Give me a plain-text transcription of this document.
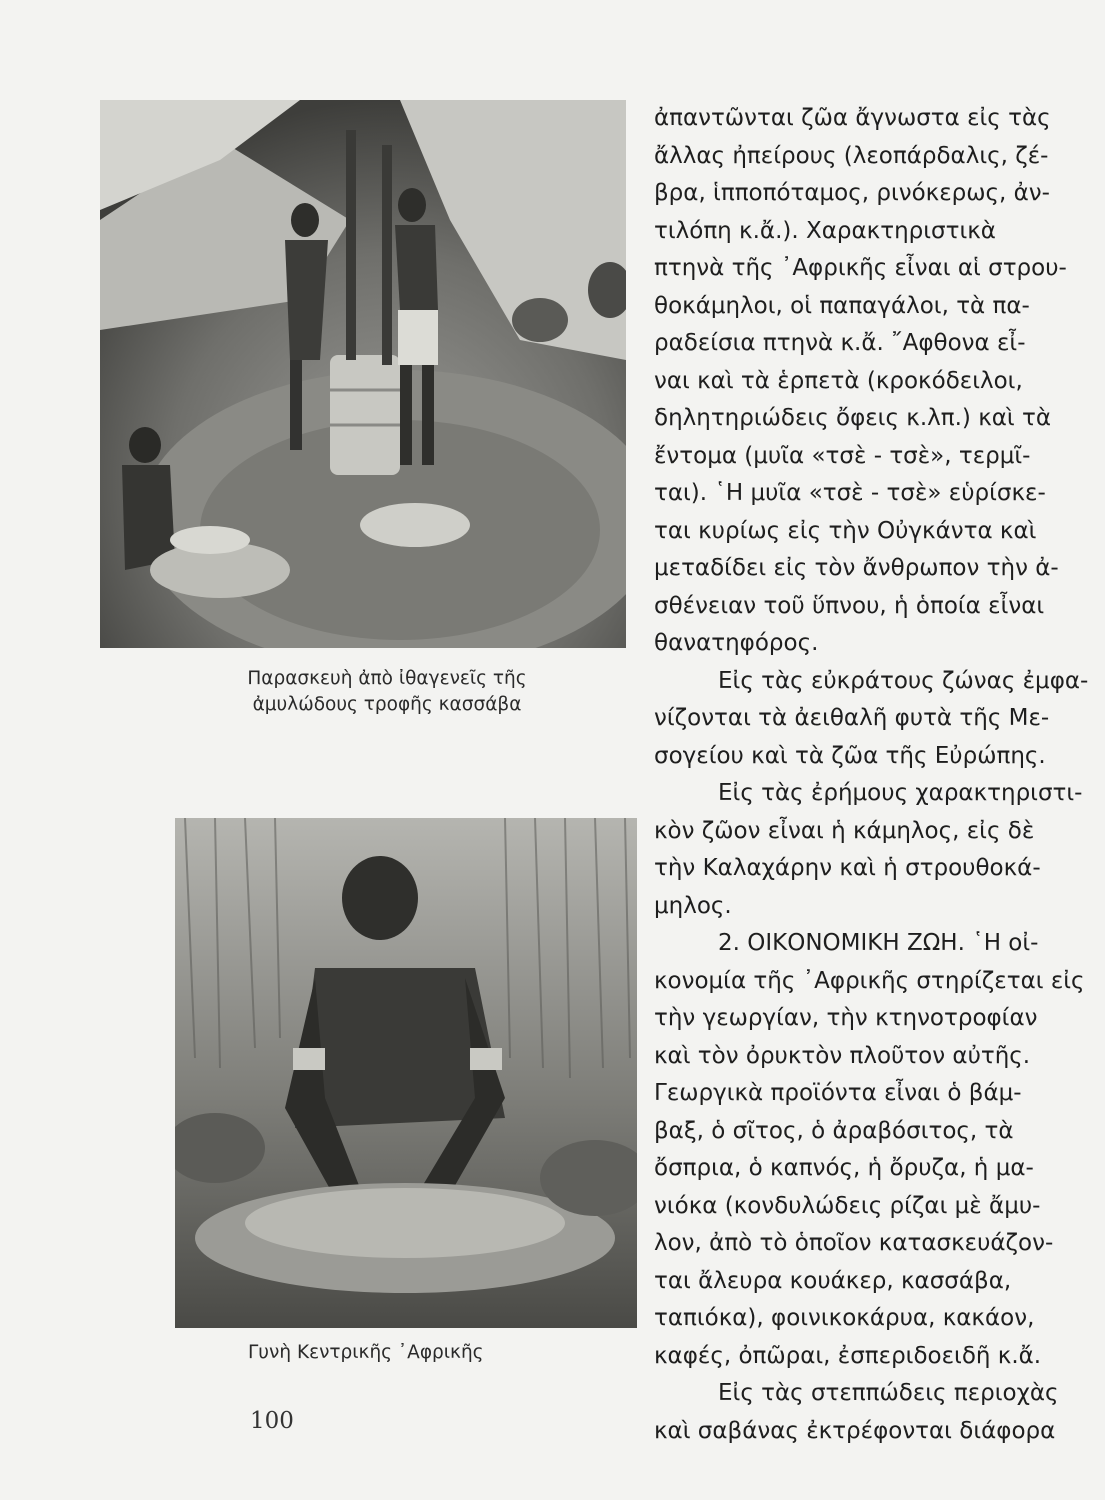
Παρασκευὴ ἀπὸ ἰθαγενεῖς τῆς
ἀμυλώδους τροφῆς κασσάβα
Γυνὴ Κεντρικῆς ᾿Αφρικῆς
100
ἀπαντῶνται ζῶα ἄγνωστα εἰς τὰς
ἄλλας ἠπείρους (λεοπάρδαλις, ζέ-
βρα, ἱπποπόταμος, ρινόκερως, ἀν-
τιλόπη κ.ἄ.). Χαρακτηριστικὰ
πτηνὰ τῆς ᾿Αφρικῆς εἶναι αἱ στρου-
θοκάμηλοι, οἱ παπαγάλοι, τὰ πα-
ραδείσια πτηνὰ κ.ἄ. ῎Αφθονα εἶ-
ναι καὶ τὰ ἑρπετὰ (κροκόδειλοι,
δηλητηριώδεις ὄφεις κ.λπ.) καὶ τὰ
ἔντομα (μυῖα «τσὲ - τσὲ», τερμῖ-
ται). ῾Η μυῖα «τσὲ - τσὲ» εὑρίσκε-
ται κυρίως εἰς τὴν Οὐγκάντα καὶ
μεταδίδει εἰς τὸν ἄνθρωπον τὴν ἀ-
σθένειαν τοῦ ὕπνου, ἡ ὁποία εἶναι
θανατηφόρος.
Εἰς τὰς εὐκράτους ζώνας ἐμφα-
νίζονται τὰ ἀειθαλῆ φυτὰ τῆς Με-
σογείου καὶ τὰ ζῶα τῆς Εὐρώπης.
Εἰς τὰς ἐρήμους χαρακτηριστι-
κὸν ζῶον εἶναι ἡ κάμηλος, εἰς δὲ
τὴν Καλαχάρην καὶ ἡ στρουθοκά-
μηλος.
2. ΟΙΚΟΝΟΜΙΚΗ ΖΩΗ. ῾Η οἰ-
κονομία τῆς ᾿Αφρικῆς στηρίζεται εἰς
τὴν γεωργίαν, τὴν κτηνοτροφίαν
καὶ τὸν ὀρυκτὸν πλοῦτον αὐτῆς.
Γεωργικὰ προϊόντα εἶναι ὁ βάμ-
βαξ, ὁ σῖτος, ὁ ἀραβόσιτος, τὰ
ὄσπρια, ὁ καπνός, ἡ ὄρυζα, ἡ μα-
νιόκα (κονδυλώδεις ρίζαι μὲ ἄμυ-
λον, ἀπὸ τὸ ὁποῖον κατασκευάζον-
ται ἄλευρα κουάκερ, κασσάβα,
ταπιόκα), φοινικοκάρυα, κακάον,
καφές, ὀπῶραι, ἐσπεριδοειδῆ κ.ἄ.
Εἰς τὰς στεππώδεις περιοχὰς
καὶ σαβάνας ἐκτρέφονται διάφορα
